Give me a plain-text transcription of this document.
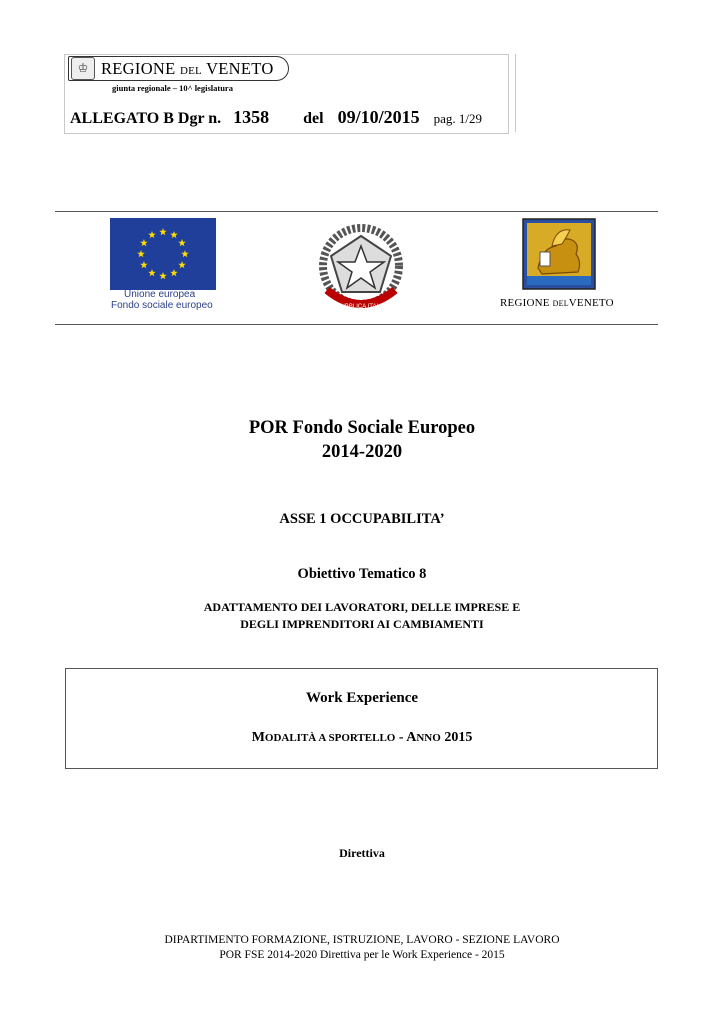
♔ REGIONE DEL VENETO
giunta regionale – 10^ legislatura
ALLEGATO B Dgr n. 1358 del 09/10/2015 pag. 1/29
Unione europea
Fondo sociale europeo	REPUBBLICA ITALIANA	REGIONE DELVENETO
POR Fondo Sociale Europeo
2014-2020
ASSE 1 OCCUPABILITA’
Obiettivo Tematico 8
ADATTAMENTO DEI LAVORATORI, DELLE IMPRESE E
DEGLI IMPRENDITORI AI CAMBIAMENTI
Work Experience
MODALITÀ A SPORTELLO - ANNO 2015
Direttiva
DIPARTIMENTO FORMAZIONE, ISTRUZIONE, LAVORO - SEZIONE LAVORO
POR FSE 2014-2020 Direttiva per le Work Experience - 2015
